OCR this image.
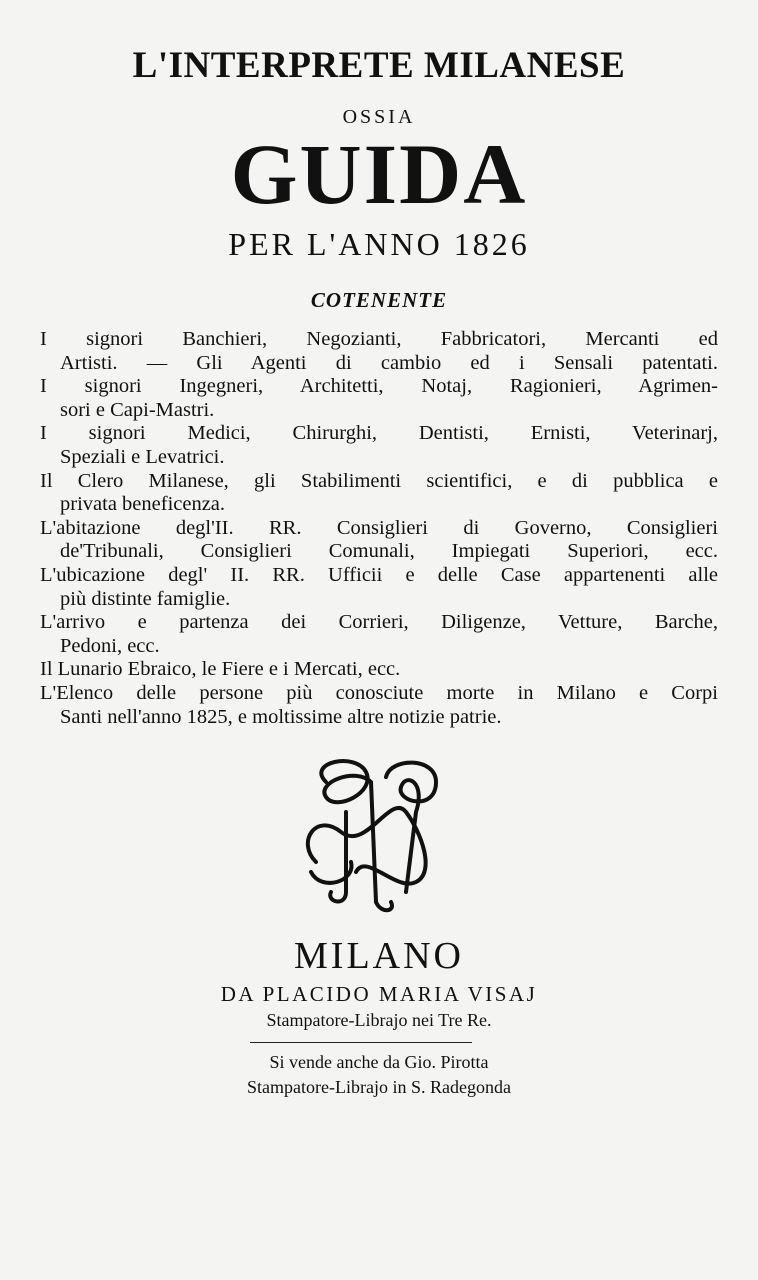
L'INTERPRETE MILANESE
OSSIA
GUIDA
PER L'ANNO 1826
COTENENTE
I signori Banchieri, Negozianti, Fabbricatori, Mercanti ed
Artisti. — Gli Agenti di cambio ed i Sensali patentati.
I signori Ingegneri, Architetti, Notaj, Ragionieri, Agrimen-
sori e Capi-Mastri.
I signori Medici, Chirurghi, Dentisti, Ernisti, Veterinarj,
Speziali e Levatrici.
Il Clero Milanese, gli Stabilimenti scientifici, e di pubblica e
privata beneficenza.
L'abitazione degl'II. RR. Consiglieri di Governo, Consiglieri
de'Tribunali, Consiglieri Comunali, Impiegati Superiori, ecc.
L'ubicazione degl' II. RR. Ufficii e delle Case appartenenti alle
più distinte famiglie.
L'arrivo e partenza dei Corrieri, Diligenze, Vetture, Barche,
Pedoni, ecc.
Il Lunario Ebraico, le Fiere e i Mercati, ecc.
L'Elenco delle persone più conosciute morte in Milano e Corpi
Santi nell'anno 1825, e moltissime altre notizie patrie.
MILANO
DA PLACIDO MARIA VISAJ
Stampatore-Librajo nei Tre Re.
Si vende anche da Gio. Pirotta
Stampatore-Librajo in S. Radegonda
